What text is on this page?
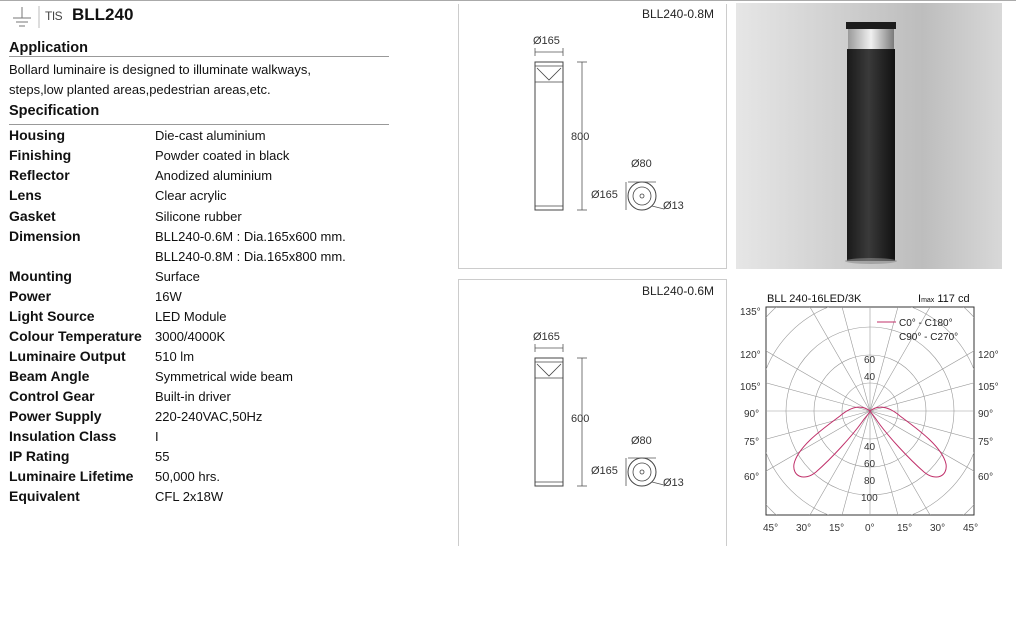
TIS BLL240
Application
Bollard luminaire is designed to illuminate walkways,
steps,low planted areas,pedestrian areas,etc.
Specification
Housing	Die-cast aluminium
Finishing	Powder coated in black
Reflector	Anodized aluminium
Lens	Clear acrylic
Gasket	Silicone rubber
Dimension	BLL240-0.6M : Dia.165x600 mm.
BLL240-0.8M : Dia.165x800 mm.
Mounting	Surface
Power	16W
Light Source	LED Module
Colour Temperature 3000/4000K
Luminaire Output 510 lm
Beam Angle	Symmetrical wide beam
Control Gear	Built-in driver
Power Supply	220-240VAC,50Hz
Insulation Class	I
IP Rating	55
Luminaire Lifetime 50,000 hrs.
Equivalent	CFL 2x18W
BLL240-0.8M
Ø165
800
Ø80
Ø165
Ø13
BLL240-0.6M
Ø165
600
Ø80
Ø165
Ø13
BLL 240-16LED/3K	Imax 117 cd
C0° - C180°
C90° - C270°
60
40
40
60
80
100
135°
120°
105°
90°
75°
60°
120°
105°
90°
75°
60°
45° 30° 15° 0° 15° 30° 45°
